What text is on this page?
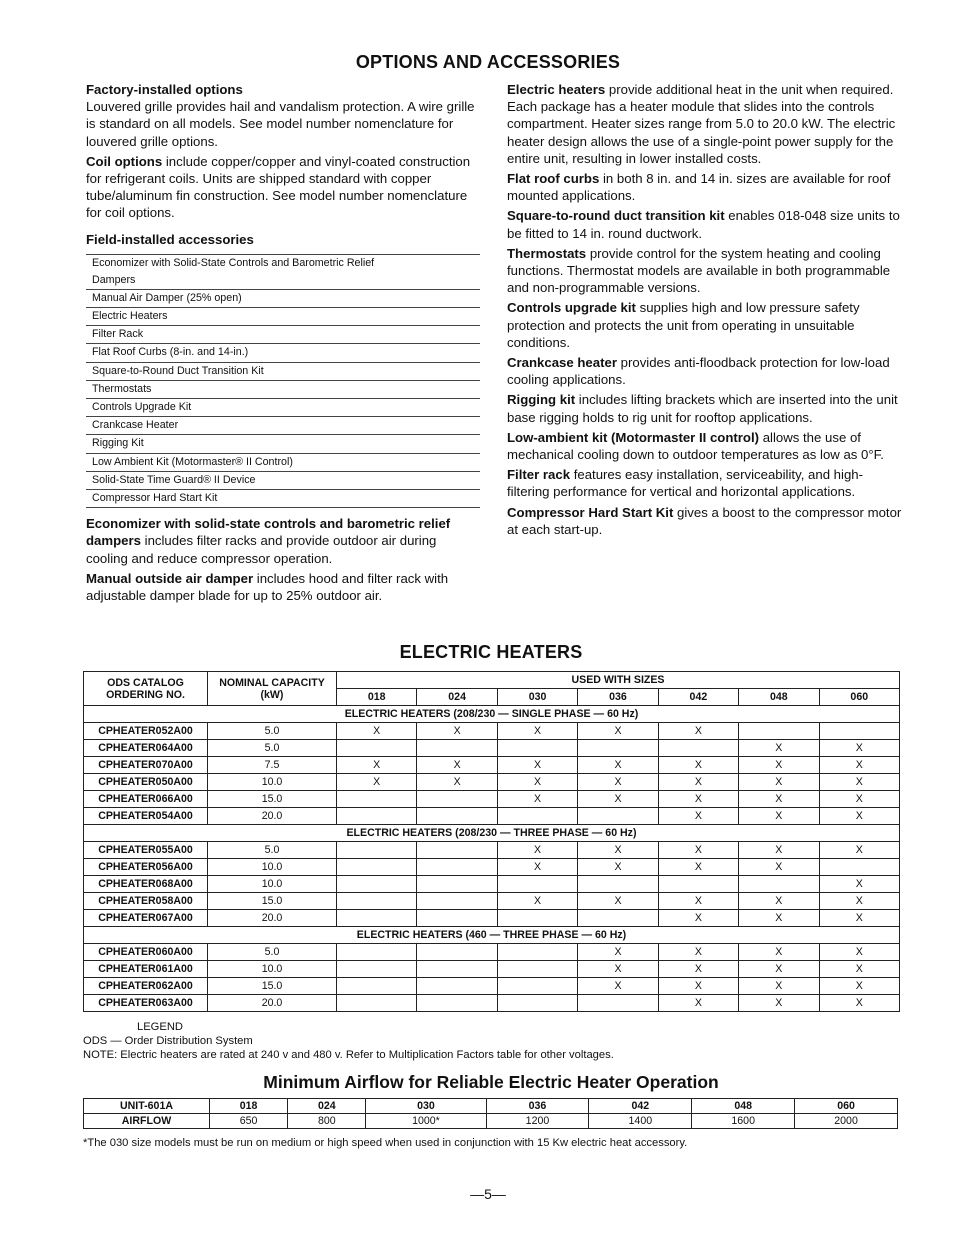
OPTIONS AND ACCESSORIES
Factory-installed options

Louvered grille provides hail and vandalism protection. A wire grille is standard on all models. See model number nomenclature for louvered grille options.

Coil options include copper/copper and vinyl-coated construction for refrigerant coils. Units are shipped standard with copper tube/aluminum fin construction. See model number nomenclature for coil options.

Field-installed accessories
Economizer with Solid-State Controls and Barometric Relief Dampers
Manual Air Damper (25% open)
Electric Heaters
Filter Rack
Flat Roof Curbs (8-in. and 14-in.)
Square-to-Round Duct Transition Kit
Thermostats
Controls Upgrade Kit
Crankcase Heater
Rigging Kit
Low Ambient Kit (Motormaster® II Control)
Solid-State Time Guard® II Device
Compressor Hard Start Kit

Economizer with solid-state controls and barometric relief dampers includes filter racks and provide outdoor air during cooling and reduce compressor operation.

Manual outside air damper includes hood and filter rack with adjustable damper blade for up to 25% outdoor air.

Electric heaters provide additional heat in the unit when required. Each package has a heater module that slides into the controls compartment. Heater sizes range from 5.0 to 20.0 kW. The electric heater design allows the use of a single-point power supply for the entire unit, resulting in lower installed costs.

Flat roof curbs in both 8 in. and 14 in. sizes are available for roof mounted applications.

Square-to-round duct transition kit enables 018-048 size units to be fitted to 14 in. round ductwork.

Thermostats provide control for the system heating and cooling functions. Thermostat models are available in both programmable and non-programmable versions.

Controls upgrade kit supplies high and low pressure safety protection and protects the unit from operating in unsuitable conditions.

Crankcase heater provides anti-floodback protection for low-load cooling applications.

Rigging kit includes lifting brackets which are inserted into the unit base rigging holds to rig unit for rooftop applications.

Low-ambient kit (Motormaster II control) allows the use of mechanical cooling down to outdoor temperatures as low as 0°F.

Filter rack features easy installation, serviceability, and high-filtering performance for vertical and horizontal applications.

Compressor Hard Start Kit gives a boost to the compressor motor at each start-up.

ELECTRIC HEATERS
ODS CATALOG ORDERING NO.	NOMINAL CAPACITY (kW)	USED WITH SIZES						
		018	024	030	036	042	048	060
ELECTRIC HEATERS (208/230 — SINGLE PHASE — 60 Hz)								
CPHEATER052A00	5.0	X	X	X	X	X		
CPHEATER064A00	5.0						X	X
CPHEATER070A00	7.5	X	X	X	X	X	X	X
CPHEATER050A00	10.0	X	X	X	X	X	X	X
CPHEATER066A00	15.0			X	X	X	X	X
CPHEATER054A00	20.0					X	X	X
ELECTRIC HEATERS (208/230 — THREE PHASE — 60 Hz)								
CPHEATER055A00	5.0			X	X	X	X	X
CPHEATER056A00	10.0			X	X	X	X	
CPHEATER068A00	10.0							X
CPHEATER058A00	15.0			X	X	X	X	X
CPHEATER067A00	20.0					X	X	X
ELECTRIC HEATERS (460 — THREE PHASE — 60 Hz)								
CPHEATER060A00	5.0				X	X	X	X
CPHEATER061A00	10.0				X	X	X	X
CPHEATER062A00	15.0				X	X	X	X
CPHEATER063A00	20.0					X	X	X
LEGEND
ODS — Order Distribution System
NOTE: Electric heaters are rated at 240 v and 480 v. Refer to Multiplication Factors table for other voltages.
Minimum Airflow for Reliable Electric Heater Operation
UNIT-601A	018	024	030	036	042	048	060
AIRFLOW	650	800	1000*	1200	1400	1600	2000
*The 030 size models must be run on medium or high speed when used in conjunction with 15 Kw electric heat accessory.
—5—
